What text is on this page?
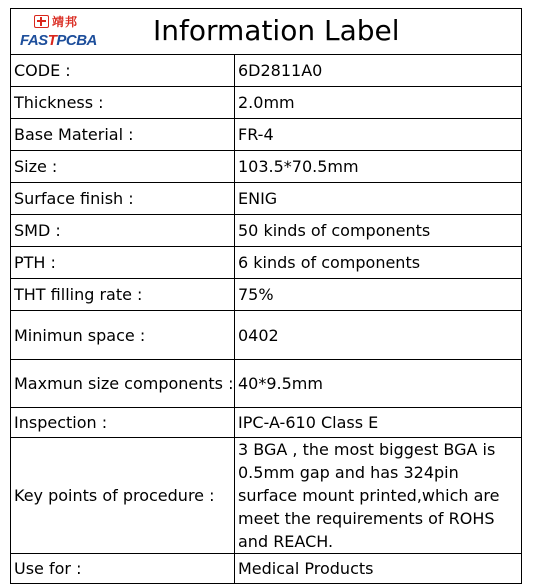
靖邦
FASTPCBA Information Label
CODE :	6D2811A0
Thickness :	2.0mm
Base Material :	FR-4
Size :	103.5*70.5mm
Surface finish :	ENIG
SMD :	50 kinds of components
PTH :	6 kinds of components
THT filling rate :	75%
Minimun space :	0402
Maxmun size components :	40*9.5mm
Inspection :	IPC-A-610 Class E
Key points of procedure :	3 BGA , the most biggest BGA is 0.5mm gap and has 324pin surface mount printed,which are meet the requirements of ROHS and REACH.
Use for :	Medical Products
